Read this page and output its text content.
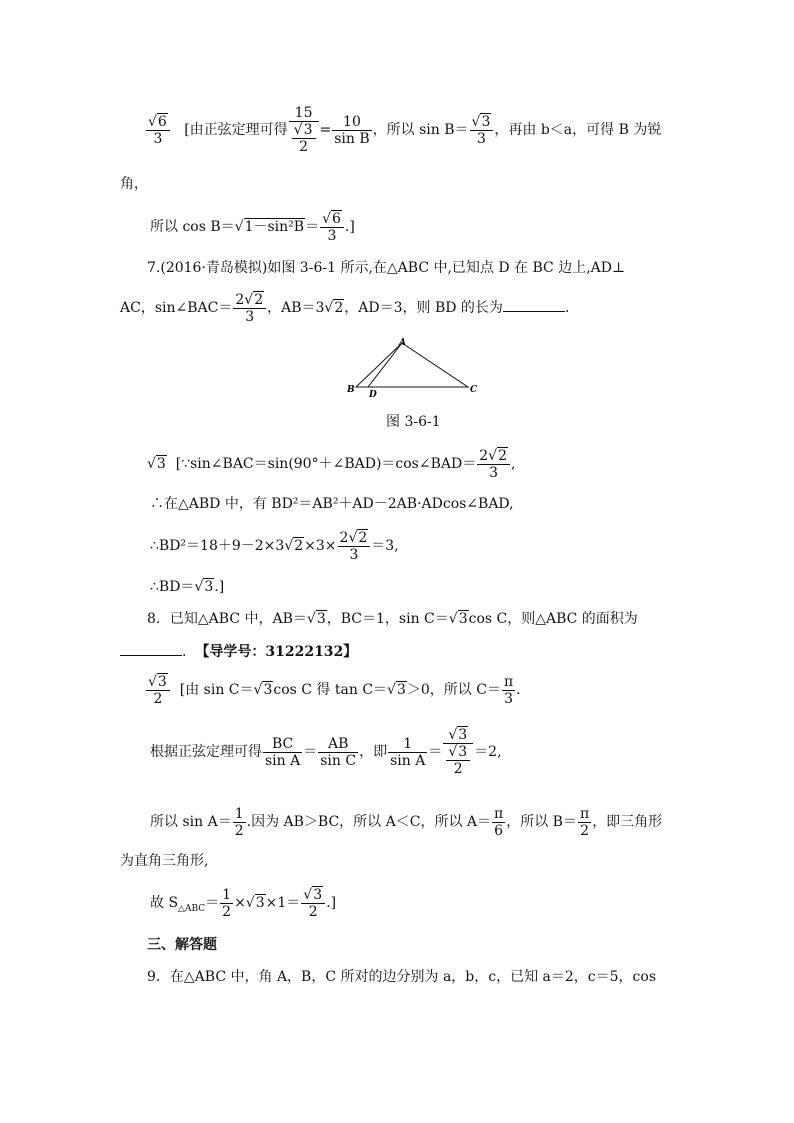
√ $\frac{6}{3}$ [由正弦定理可得 15
√ $\frac{3}{2} = \frac{10}{\text{sin B}}$ ，所以 sin B＝ √ $\frac{3}{3}$ ，再由 b＜a，可得 B 为锐
角，
所以 cos B＝ √ 1－sin²B＝ √ $\frac{6}{3}$ .]
7.(2016·青岛模拟)如图 3-6-1 所示,在△ABC 中,已知点 D 在 BC 边上,AD⊥
AC，sin∠BAC＝ $\frac{2 √ 2}{3}$ ，AB＝3 √ 2，AD＝3，则 BD 的长为	.
A
B	C
D
图 3-6-1
√ 3 [∵sin∠BAC＝sin(90°＋∠BAD)＝cos∠BAD＝ $\frac{2 √ 2}{3}$ ,
∴在△ABD 中，有 BD²＝AB²＋AD－2AB·ADcos∠BAD,
∴BD²＝18＋9－2×3 √ $2\times 3\times \frac{2 √ 2}{3} =3$,
∴BD＝ √ 3.]
8．已知△ABC 中，AB＝ √ 3，BC＝1，sin C＝ √ 3cos C，则△ABC 的面积为
. 【导学号：31222132】
√ $\frac{3}{2}$ [由 sin C＝ √ 3cos C 得 tan C＝ √ 3＞0，所以 $C= \frac{\pi}{3}$ .
根据正弦定理可得 $\frac{BC}{\text{sin A}} = \frac{AB}{\text{sin C}}$ ，即 $\frac{1}{\text{sin A}}$ ＝ √ 3
√ $\frac{3}{2} =2$,
所以 $\sin A= \frac{1}{2}$ .因为 AB＞BC，所以 A＜C，所以 $A= \frac{\pi}{6}$ ，所以 $B= \frac{\pi}{2}$ ，即三角形
为直角三角形,
故 $S_{\triangle ABC}= \frac{1}{2}$ × √ 3×1＝ √ $\frac{3}{2}$ .]
三、解答题
9．在△ABC 中，角 A，B，C 所对的边分别为 a，b，c，已知 a＝2，c＝5，cos
